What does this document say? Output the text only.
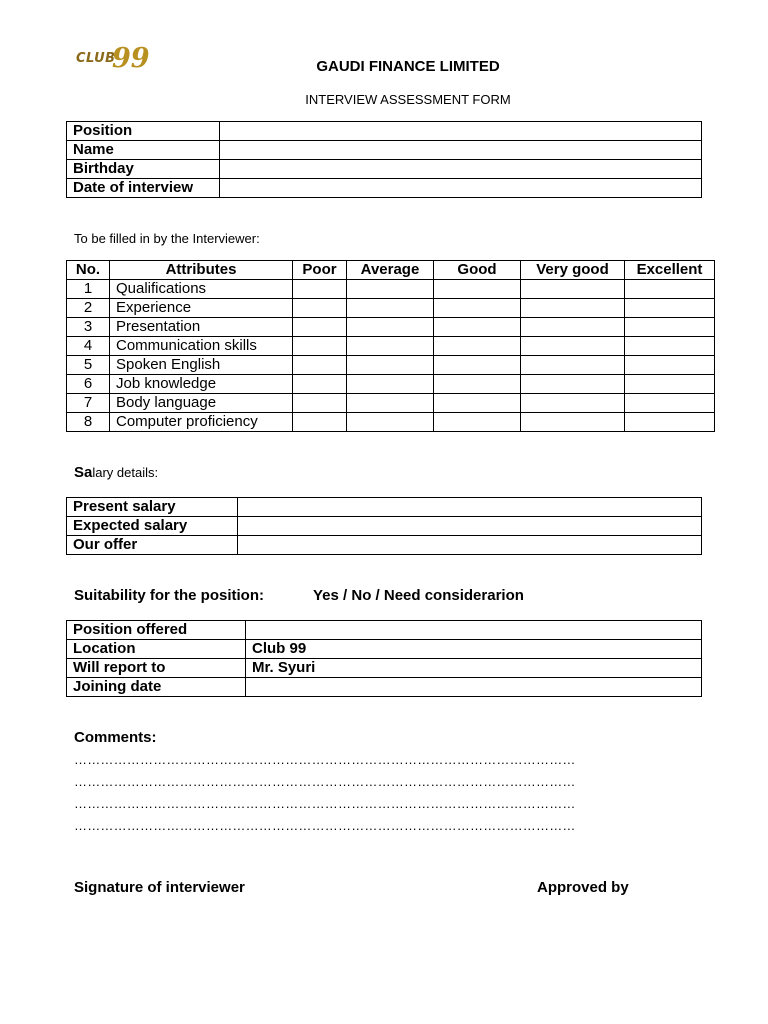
CLUB
99	GAUDI FINANCE LIMITED
INTERVIEW ASSESSMENT FORM
Position	
Name	
Birthday	
Date of interview	
To be filled in by the Interviewer:
No.	Attributes	Poor	Average	Good	Very good	Excellent
1	Qualifications					
2	Experience					
3	Presentation					
4	Communication skills					
5	Spoken English					
6	Job knowledge					
7	Body language					
8	Computer proficiency					
Salary details:
Present salary	
Expected salary	
Our offer	
Suitability for the position:	Yes / No / Need considerarion
Position offered	
Location	Club 99
Will report to	Mr. Syuri
Joining date	
Comments:
……………………………………………………………………………………………………
……………………………………………………………………………………………………
……………………………………………………………………………………………………
……………………………………………………………………………………………………
Signature of interviewer	Approved by
